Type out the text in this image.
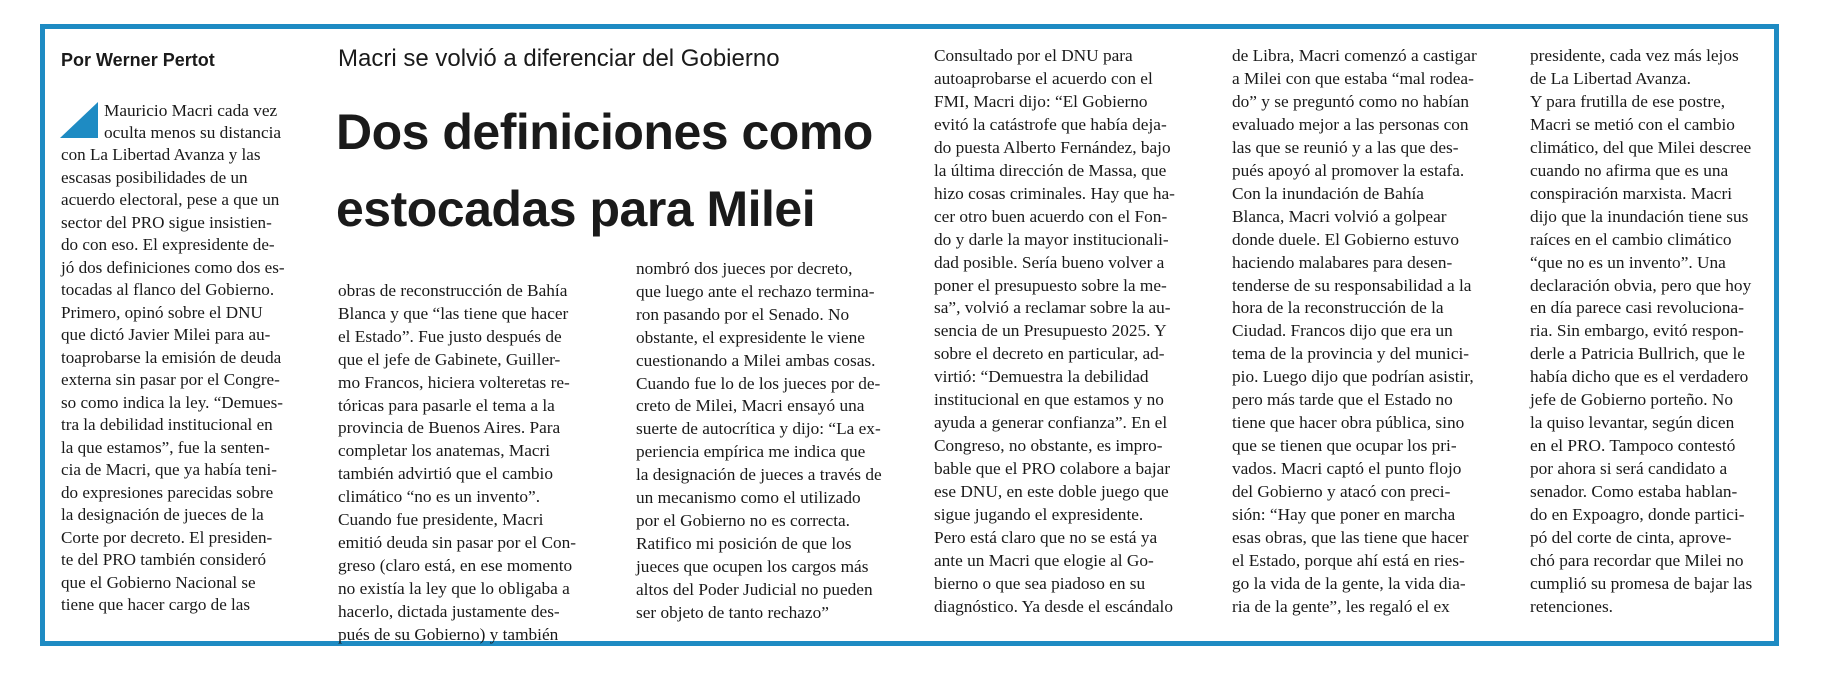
Por Werner Pertot
Mauricio Macri cada vez
oculta menos su distancia
con La Libertad Avanza y las
escasas posibilidades de un
acuerdo electoral, pese a que un
sector del PRO sigue insistien-
do con eso. El expresidente de-
jó dos definiciones como dos es-
tocadas al flanco del Gobierno.
Primero, opinó sobre el DNU
que dictó Javier Milei para au-
toaprobarse la emisión de deuda
externa sin pasar por el Congre-
so como indica la ley. “Demues-
tra la debilidad institucional en
la que estamos”, fue la senten-
cia de Macri, que ya había teni-
do expresiones parecidas sobre
la designación de jueces de la
Corte por decreto. El presiden-
te del PRO también consideró
que el Gobierno Nacional se
tiene que hacer cargo de las
Macri se volvió a diferenciar del Gobierno
Dos definiciones como
estocadas para Milei
obras de reconstrucción de Bahía
Blanca y que “las tiene que hacer
el Estado”. Fue justo después de
que el jefe de Gabinete, Guiller-
mo Francos, hiciera volteretas re-
tóricas para pasarle el tema a la
provincia de Buenos Aires. Para
completar los anatemas, Macri
también advirtió que el cambio
climático “no es un invento”.
Cuando fue presidente, Macri
emitió deuda sin pasar por el Con-
greso (claro está, en ese momento
no existía la ley que lo obligaba a
hacerlo, dictada justamente des-
pués de su Gobierno) y también
nombró dos jueces por decreto,
que luego ante el rechazo termina-
ron pasando por el Senado. No
obstante, el expresidente le viene
cuestionando a Milei ambas cosas.
Cuando fue lo de los jueces por de-
creto de Milei, Macri ensayó una
suerte de autocrítica y dijo: “La ex-
periencia empírica me indica que
la designación de jueces a través de
un mecanismo como el utilizado
por el Gobierno no es correcta.
Ratifico mi posición de que los
jueces que ocupen los cargos más
altos del Poder Judicial no pueden
ser objeto de tanto rechazo”
Consultado por el DNU para
autoaprobarse el acuerdo con el
FMI, Macri dijo: “El Gobierno
evitó la catástrofe que había deja-
do puesta Alberto Fernández, bajo
la última dirección de Massa, que
hizo cosas criminales. Hay que ha-
cer otro buen acuerdo con el Fon-
do y darle la mayor institucionali-
dad posible. Sería bueno volver a
poner el presupuesto sobre la me-
sa”, volvió a reclamar sobre la au-
sencia de un Presupuesto 2025. Y
sobre el decreto en particular, ad-
virtió: “Demuestra la debilidad
institucional en que estamos y no
ayuda a generar confianza”. En el
Congreso, no obstante, es impro-
bable que el PRO colabore a bajar
ese DNU, en este doble juego que
sigue jugando el expresidente.
Pero está claro que no se está ya
ante un Macri que elogie al Go-
bierno o que sea piadoso en su
diagnóstico. Ya desde el escándalo
de Libra, Macri comenzó a castigar
a Milei con que estaba “mal rodea-
do” y se preguntó como no habían
evaluado mejor a las personas con
las que se reunió y a las que des-
pués apoyó al promover la estafa.
Con la inundación de Bahía
Blanca, Macri volvió a golpear
donde duele. El Gobierno estuvo
haciendo malabares para desen-
tenderse de su responsabilidad a la
hora de la reconstrucción de la
Ciudad. Francos dijo que era un
tema de la provincia y del munici-
pio. Luego dijo que podrían asistir,
pero más tarde que el Estado no
tiene que hacer obra pública, sino
que se tienen que ocupar los pri-
vados. Macri captó el punto flojo
del Gobierno y atacó con preci-
sión: “Hay que poner en marcha
esas obras, que las tiene que hacer
el Estado, porque ahí está en ries-
go la vida de la gente, la vida dia-
ria de la gente”, les regaló el ex
presidente, cada vez más lejos
de La Libertad Avanza.
Y para frutilla de ese postre,
Macri se metió con el cambio
climático, del que Milei descree
cuando no afirma que es una
conspiración marxista. Macri
dijo que la inundación tiene sus
raíces en el cambio climático
“que no es un invento”. Una
declaración obvia, pero que hoy
en día parece casi revoluciona-
ria. Sin embargo, evitó respon-
derle a Patricia Bullrich, que le
había dicho que es el verdadero
jefe de Gobierno porteño. No
la quiso levantar, según dicen
en el PRO. Tampoco contestó
por ahora si será candidato a
senador. Como estaba hablan-
do en Expoagro, donde partici-
pó del corte de cinta, aprove-
chó para recordar que Milei no
cumplió su promesa de bajar las
retenciones.
